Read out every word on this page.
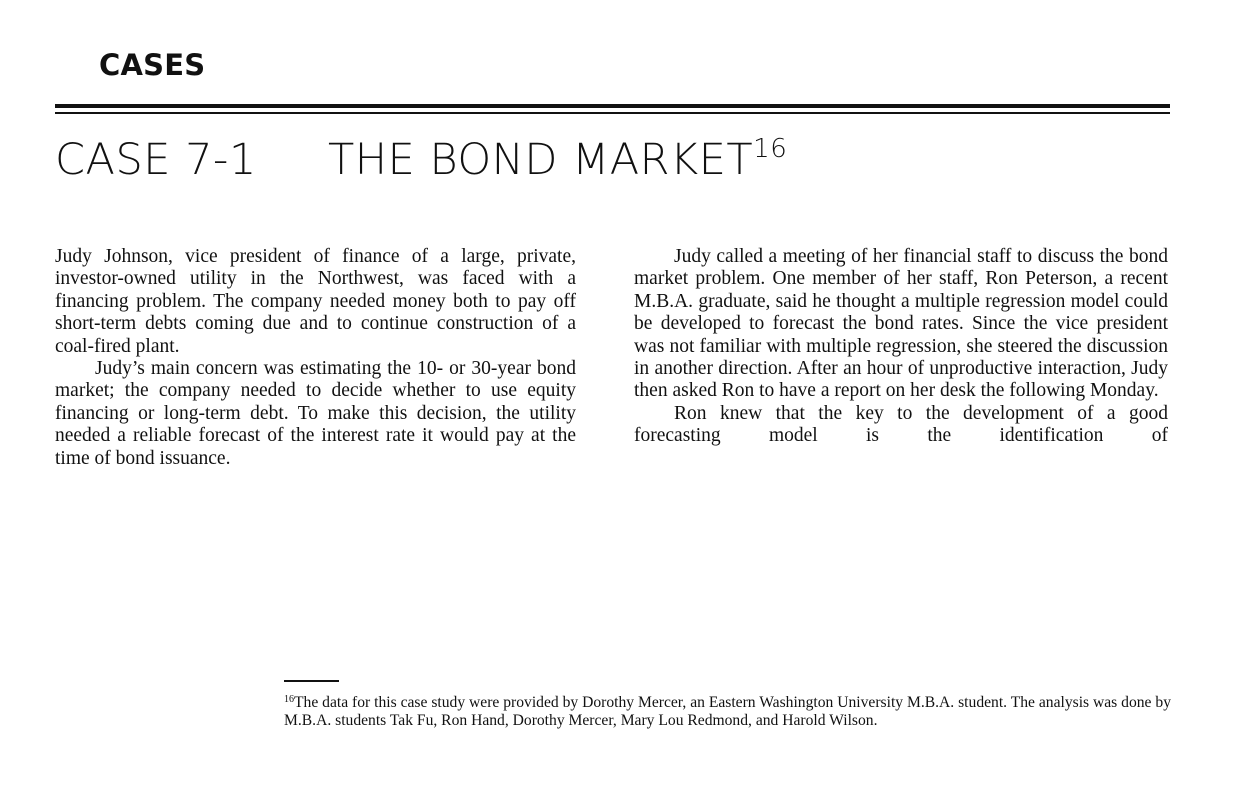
CASES
CASE 7-1 THE BOND MARKET$^{16}$

Judy Johnson, vice president of finance of a large, private, investor-owned utility in the Northwest, was faced with a financing problem. The company needed money both to pay off short-term debts coming due and to continue construction of a coal-fired plant.

Judy’s main concern was estimating the 10- or 30-year bond market; the company needed to decide whether to use equity financing or long-term debt. To make this decision, the utility needed a reliable forecast of the interest rate it would pay at the time of bond issuance.

Judy called a meeting of her financial staff to discuss the bond market problem. One member of her staff, Ron Peterson, a recent M.B.A. graduate, said he thought a multiple regression model could be developed to forecast the bond rates. Since the vice president was not familiar with multiple regression, she steered the discussion in another direction. After an hour of unproductive interaction, Judy then asked Ron to have a report on her desk the following Monday.

Ron knew that the key to the development of a good forecasting model is the identification of

$^{16}$The data for this case study were provided by Dorothy Mercer, an Eastern Washington University M.B.A. student. The analysis was done by M.B.A. students Tak Fu, Ron Hand, Dorothy Mercer, Mary Lou Redmond, and Harold Wilson.
